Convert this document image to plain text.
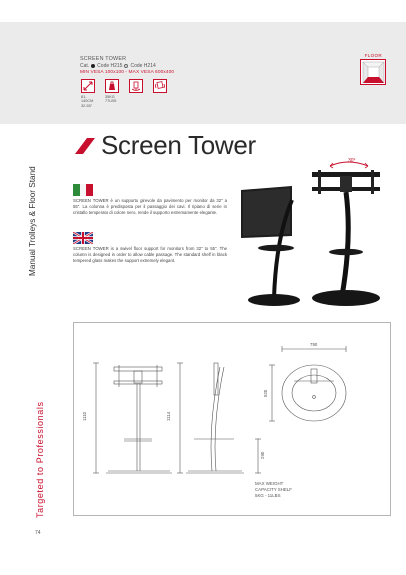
SCREEN TOWER
Cat. Code H215 Code H214
MIN VESA 100x100 - MAX VESA 600x400
81-140CM
32-55"
35KG
77LBS
FLOOR
Screen Tower
Manual Trolleys & Floor Stand
Targeted to Professionals
SCREEN TOWER è un supporto girevole da pavimento per monitor da 32" a 55". La colonna è predisposta per il passaggio dei cavi. Il ripiano di serie in cristallo temperato di colore nero, rende il supporto estremamente elegante.
SCREEN TOWER is a swivel floor support for monitors from 32" to 55". The column is designed in order to allow cable passage. The standard shelf in black tempered glass makes the support extremely elegant.
30°
1110	1114
290
790
520
MAX WEIGHT
CAPACITY SHELF
5KG - 11LBS
74
